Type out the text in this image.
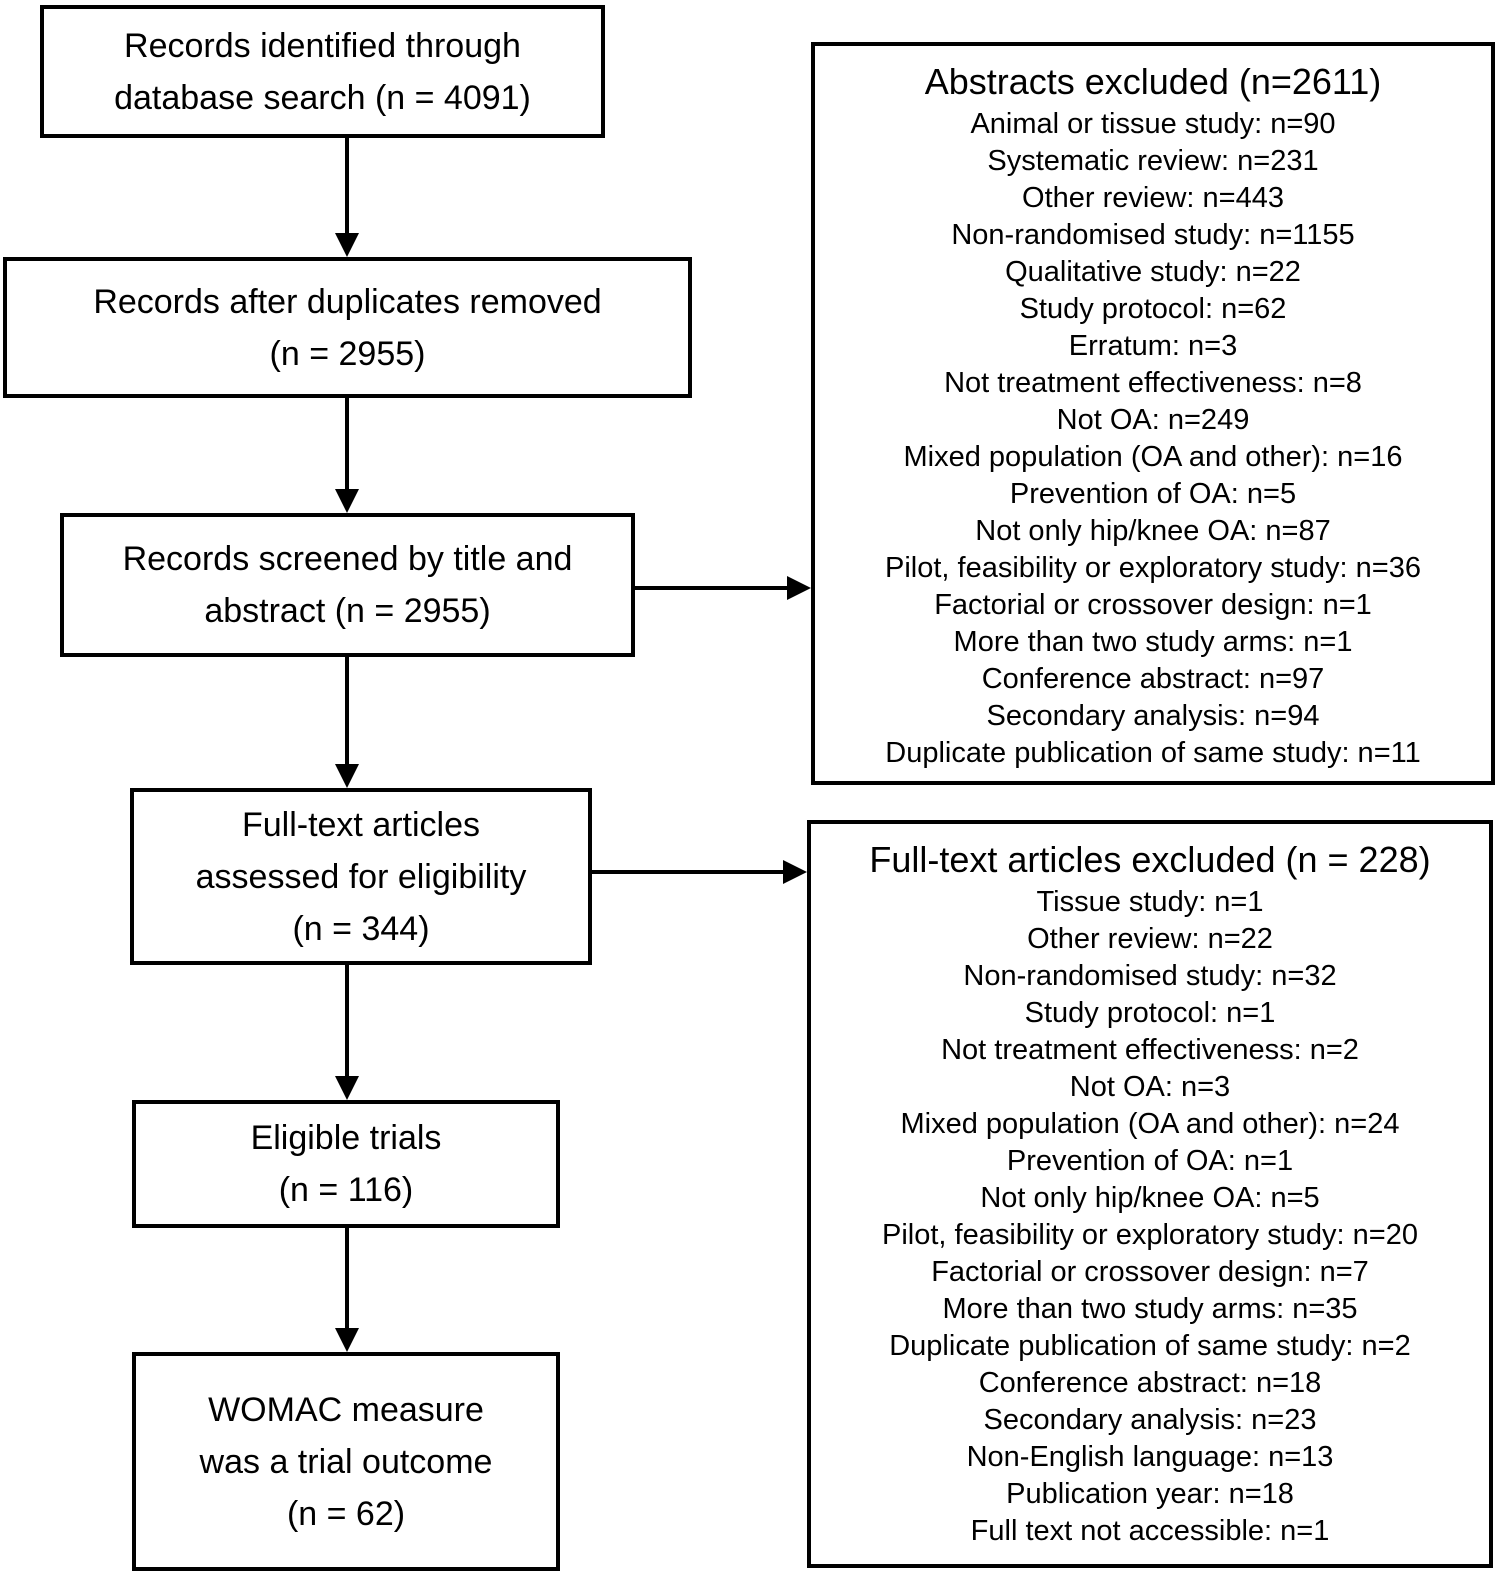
Records identified through
database search (n = 4091)
Records after duplicates removed
(n = 2955)
Records screened by title and
abstract (n = 2955)
Full-text articles
assessed for eligibility
(n = 344)
Eligible trials
(n = 116)
WOMAC measure
was a trial outcome
(n = 62)
Abstracts excluded (n=2611)
Animal or tissue study: n=90
Systematic review: n=231
Other review: n=443
Non-randomised study: n=1155
Qualitative study: n=22
Study protocol: n=62
Erratum: n=3
Not treatment effectiveness: n=8
Not OA: n=249
Mixed population (OA and other): n=16
Prevention of OA: n=5
Not only hip/knee OA: n=87
Pilot, feasibility or exploratory study: n=36
Factorial or crossover design: n=1
More than two study arms: n=1
Conference abstract: n=97
Secondary analysis: n=94
Duplicate publication of same study: n=11
Full-text articles excluded (n = 228)
Tissue study: n=1
Other review: n=22
Non-randomised study: n=32
Study protocol: n=1
Not treatment effectiveness: n=2
Not OA: n=3
Mixed population (OA and other): n=24
Prevention of OA: n=1
Not only hip/knee OA: n=5
Pilot, feasibility or exploratory study: n=20
Factorial or crossover design: n=7
More than two study arms: n=35
Duplicate publication of same study: n=2
Conference abstract: n=18
Secondary analysis: n=23
Non-English language: n=13
Publication year: n=18
Full text not accessible: n=1
